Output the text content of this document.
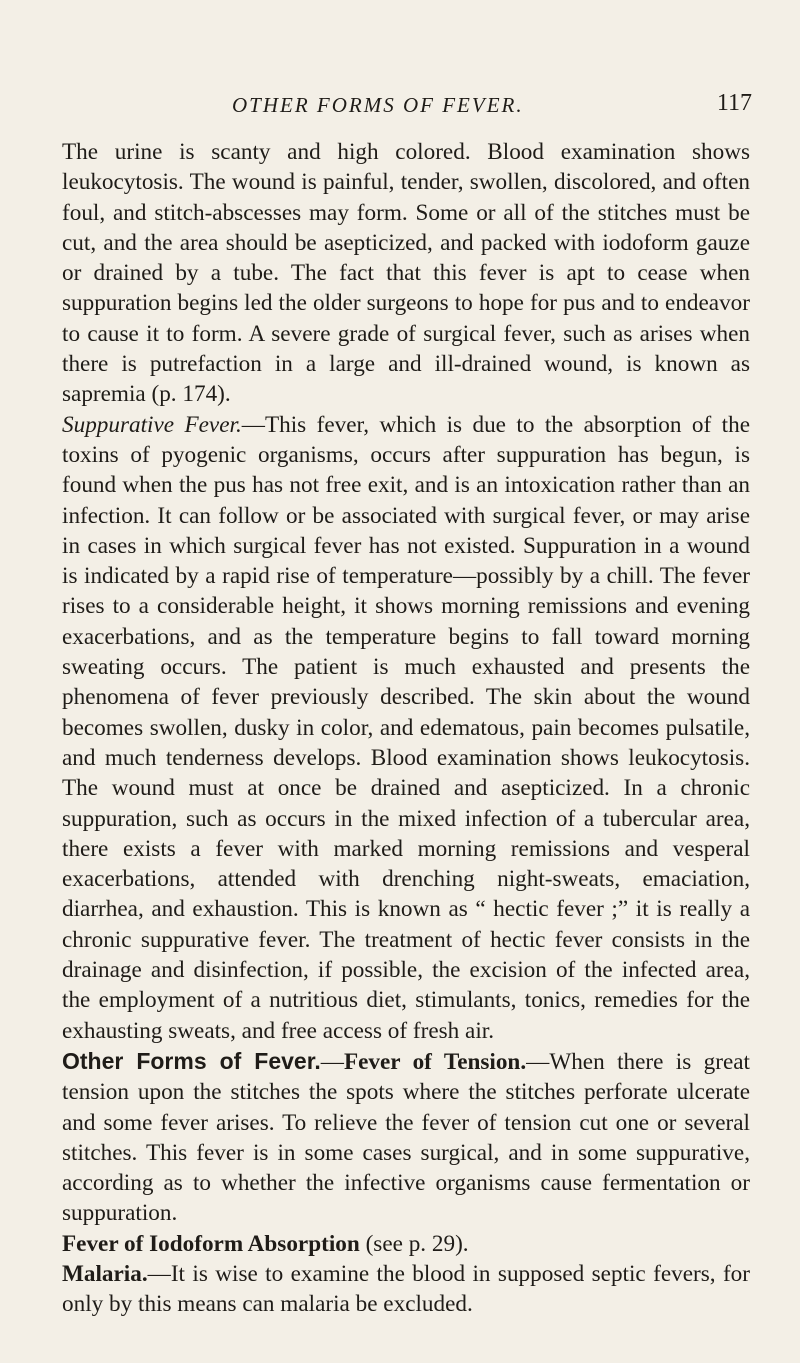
OTHER FORMS OF FEVER.	117

The urine is scanty and high colored. Blood examination shows leukocytosis. The wound is painful, tender, swollen, discolored, and often foul, and stitch-abscesses may form. Some or all of the stitches must be cut, and the area should be asepticized, and packed with iodoform gauze or drained by a tube. The fact that this fever is apt to cease when suppuration begins led the older surgeons to hope for pus and to endeavor to cause it to form. A severe grade of surgical fever, such as arises when there is putrefaction in a large and ill-drained wound, is known as sapremia (p. 174).

Suppurative Fever.—This fever, which is due to the absorption of the toxins of pyogenic organisms, occurs after suppuration has begun, is found when the pus has not free exit, and is an intoxication rather than an infection. It can follow or be associated with surgical fever, or may arise in cases in which surgical fever has not existed. Suppuration in a wound is indicated by a rapid rise of temperature—possibly by a chill. The fever rises to a considerable height, it shows morning remissions and evening exacerbations, and as the temperature begins to fall toward morning sweating occurs. The patient is much exhausted and presents the phenomena of fever previously described. The skin about the wound becomes swollen, dusky in color, and edematous, pain becomes pulsatile, and much tenderness develops. Blood examination shows leukocytosis. The wound must at once be drained and asepticized. In a chronic suppuration, such as occurs in the mixed infection of a tubercular area, there exists a fever with marked morning remissions and vesperal exacerbations, attended with drenching night-sweats, emaciation, diarrhea, and exhaustion. This is known as “ hectic fever ;” it is really a chronic suppurative fever. The treatment of hectic fever consists in the drainage and disinfection, if possible, the excision of the infected area, the employment of a nutritious diet, stimulants, tonics, remedies for the exhausting sweats, and free access of fresh air.

Other Forms of Fever.—Fever of Tension.—When there is great tension upon the stitches the spots where the stitches perforate ulcerate and some fever arises. To relieve the fever of tension cut one or several stitches. This fever is in some cases surgical, and in some suppurative, according as to whether the infective organisms cause fermentation or suppuration.

Fever of Iodoform Absorption (see p. 29).

Malaria.—It is wise to examine the blood in supposed septic fevers, for only by this means can malaria be excluded.
